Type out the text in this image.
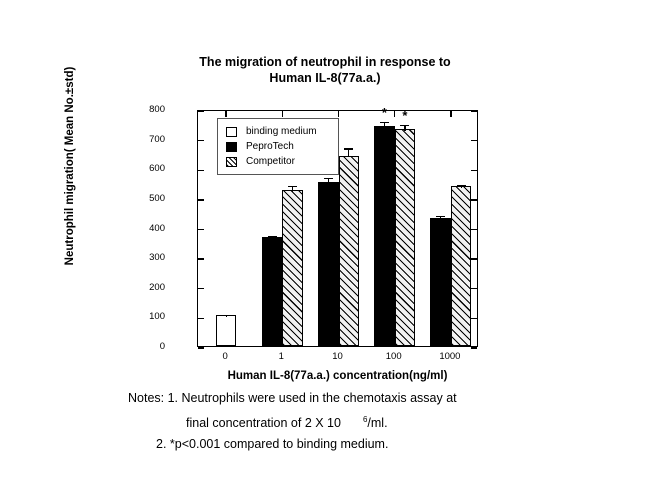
The migration of neutrophil in response to
Human IL-8(77a.a.)
Neutrophil migration( Mean No.±std)
0
100
200
300
400
500
600
700
800	*	*
0	1	10	100	1000
Human IL-8(77a.a.) concentration(ng/ml)
binding medium
PeproTech
Competitor
Notes: 1. Neutrophils were used in the chemotaxis assay at
final concentration of 2 X 10	$^6$/ml.
2. *p<0.001 compared to binding medium.
